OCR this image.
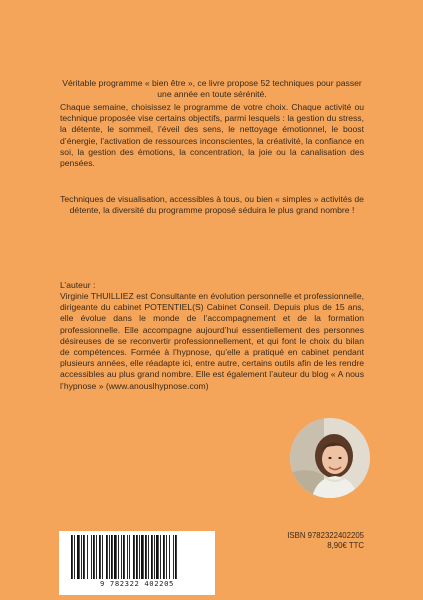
Véritable programme « bien être », ce livre propose 52 techniques pour passer une année en toute sérénité.

Chaque semaine, choisissez le programme de votre choix. Chaque activité ou technique proposée vise certains objectifs, parmi lesquels : la gestion du stress, la détente, le sommeil, l’éveil des sens, le nettoyage émotionnel, le boost d’énergie, l’activation de ressources inconscientes, la créativité, la confiance en soi, la gestion des émotions, la concentration, la joie ou la canalisation des pensées.

Techniques de visualisation, accessibles à tous, ou bien « simples » activités de détente, la diversité du programme proposé séduira le plus grand nombre !

L’auteur :

Virginie THUILLIEZ est Consultante en évolution personnelle et professionnelle, dirigeante du cabinet POTENTIEL(S) Cabinet Conseil. Depuis plus de 15 ans, elle évolue dans le monde de l’accompagnement et de la formation professionnelle. Elle accompagne aujourd’hui essentiellement des personnes désireuses de se reconvertir professionnellement, et qui font le choix du bilan de compétences. Formée à l’hypnose, qu’elle a pratiqué en cabinet pendant plusieurs années, elle réadapte ici, entre autre, certains outils afin de les rendre accessibles au plus grand nombre. Elle est également l’auteur du blog « A nous l’hypnose » (www.anouslhypnose.com)

9 782322 402205
ISBN 9782322402205
8,90€ TTC
